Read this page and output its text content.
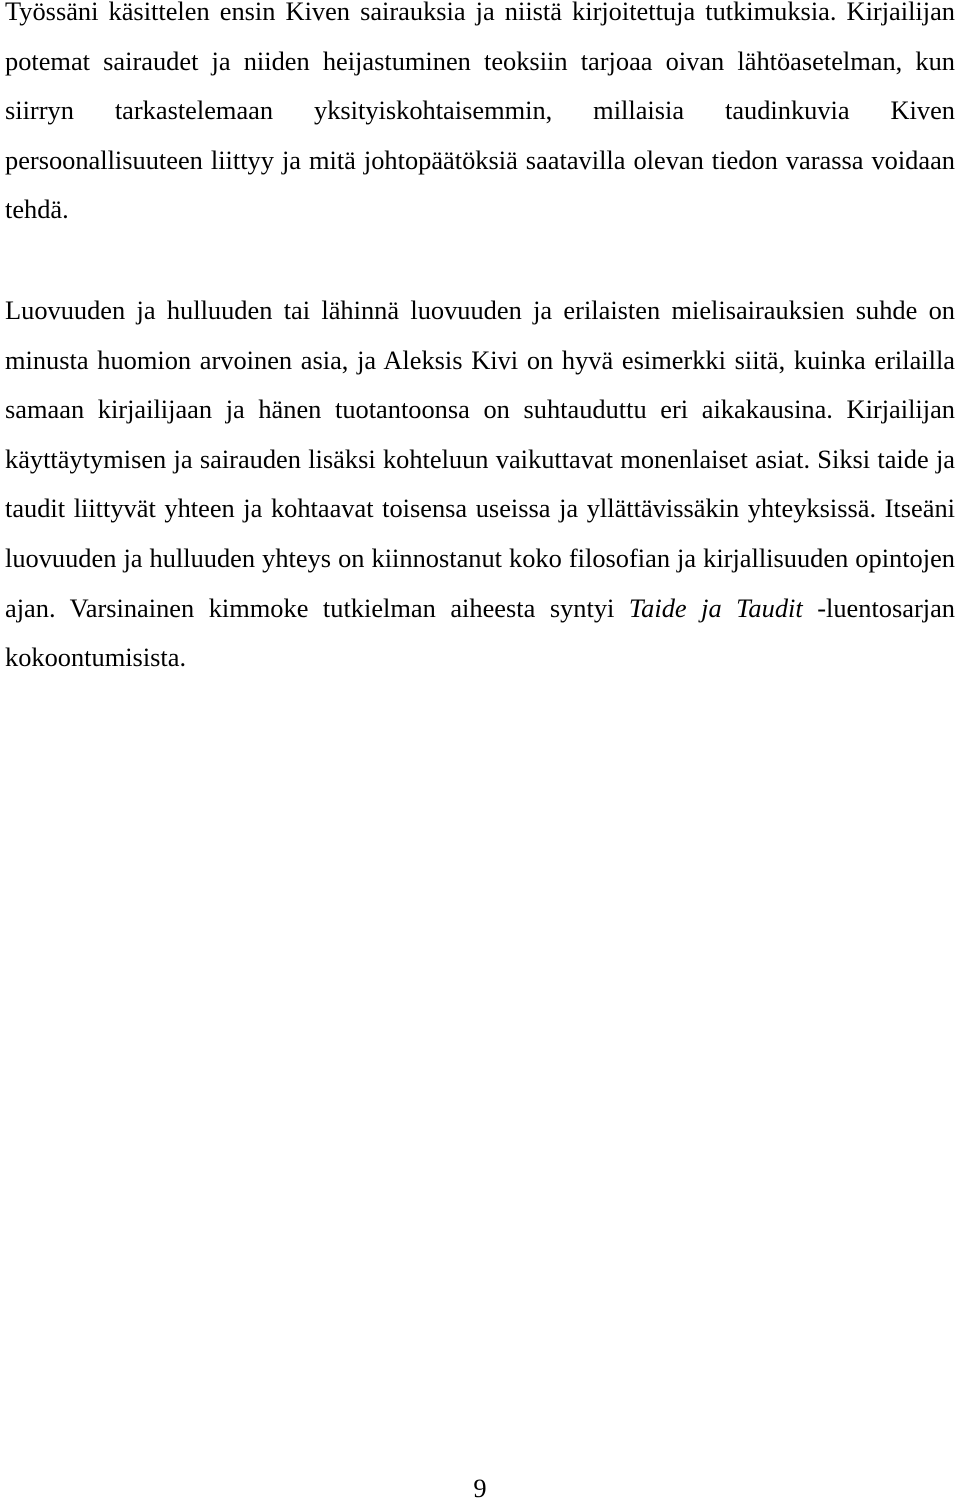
Työssäni käsittelen ensin Kiven sairauksia ja niistä kirjoitettuja tutkimuksia. Kirjailijan potemat sairaudet ja niiden heijastuminen teoksiin tarjoaa oivan lähtöasetelman, kun siirryn tarkastelemaan yksityiskohtaisemmin, millaisia taudinkuvia Kiven persoonallisuuteen liittyy ja mitä johtopäätöksiä saatavilla olevan tiedon varassa voidaan tehdä.

Luovuuden ja hulluuden tai lähinnä luovuuden ja erilaisten mielisairauksien suhde on minusta huomion arvoinen asia, ja Aleksis Kivi on hyvä esimerkki siitä, kuinka erilailla samaan kirjailijaan ja hänen tuotantoonsa on suhtauduttu eri aikakausina. Kirjailijan käyttäytymisen ja sairauden lisäksi kohteluun vaikuttavat monenlaiset asiat. Siksi taide ja taudit liittyvät yhteen ja kohtaavat toisensa useissa ja yllättävissäkin yhteyksissä. Itseäni luovuuden ja hulluuden yhteys on kiinnostanut koko filosofian ja kirjallisuuden opintojen ajan. Varsinainen kimmoke tutkielman aiheesta syntyi Taide ja Taudit -luentosarjan kokoontumisista.

9
